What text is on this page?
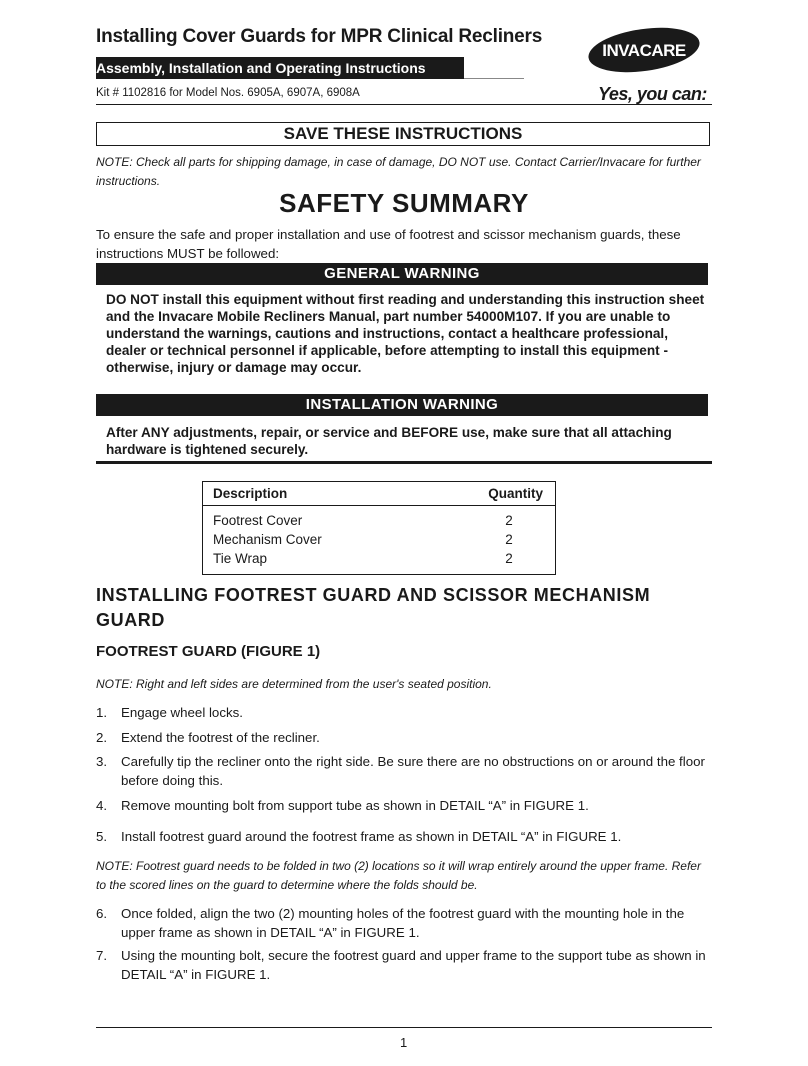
Installing Cover Guards for MPR Clinical Recliners
Assembly, Installation and Operating Instructions
Kit # 1102816 for Model Nos. 6905A, 6907A, 6908A
INVACARE
Yes, you can:
SAVE THESE INSTRUCTIONS
NOTE: Check all parts for shipping damage, in case of damage, DO NOT use. Contact Carrier/Invacare for further instructions.
SAFETY SUMMARY
To ensure the safe and proper installation and use of footrest and scissor mechanism guards, these instructions MUST be followed:
GENERAL WARNING
DO NOT install this equipment without first reading and understanding this instruction sheet and the Invacare Mobile Recliners Manual, part number 54000M107. If you are unable to understand the warnings, cautions and instructions, contact a healthcare professional, dealer or technical personnel if applicable, before attempting to install this equipment - otherwise, injury or damage may occur.
INSTALLATION WARNING
After ANY adjustments, repair, or service and BEFORE use, make sure that all attaching hardware is tightened securely.
Description	Quantity
Footrest Cover	2
Mechanism Cover	2
Tie Wrap	2
INSTALLING FOOTREST GUARD AND SCISSOR MECHANISM GUARD
FOOTREST GUARD (FIGURE 1)
NOTE: Right and left sides are determined from the user's seated position.
1.	Engage wheel locks.
2.	Extend the footrest of the recliner.
3.	Carefully tip the recliner onto the right side. Be sure there are no obstructions on or around the floor before doing this.
4.	Remove mounting bolt from support tube as shown in DETAIL “A” in FIGURE 1.
5.	Install footrest guard around the footrest frame as shown in DETAIL “A” in FIGURE 1.
NOTE: Footrest guard needs to be folded in two (2) locations so it will wrap entirely around the upper frame. Refer to the scored lines on the guard to determine where the folds should be.
6.	Once folded, align the two (2) mounting holes of the footrest guard with the mounting hole in the upper frame as shown in DETAIL “A” in FIGURE 1.
7.	Using the mounting bolt, secure the footrest guard and upper frame to the support tube as shown in DETAIL “A” in FIGURE 1.
1
